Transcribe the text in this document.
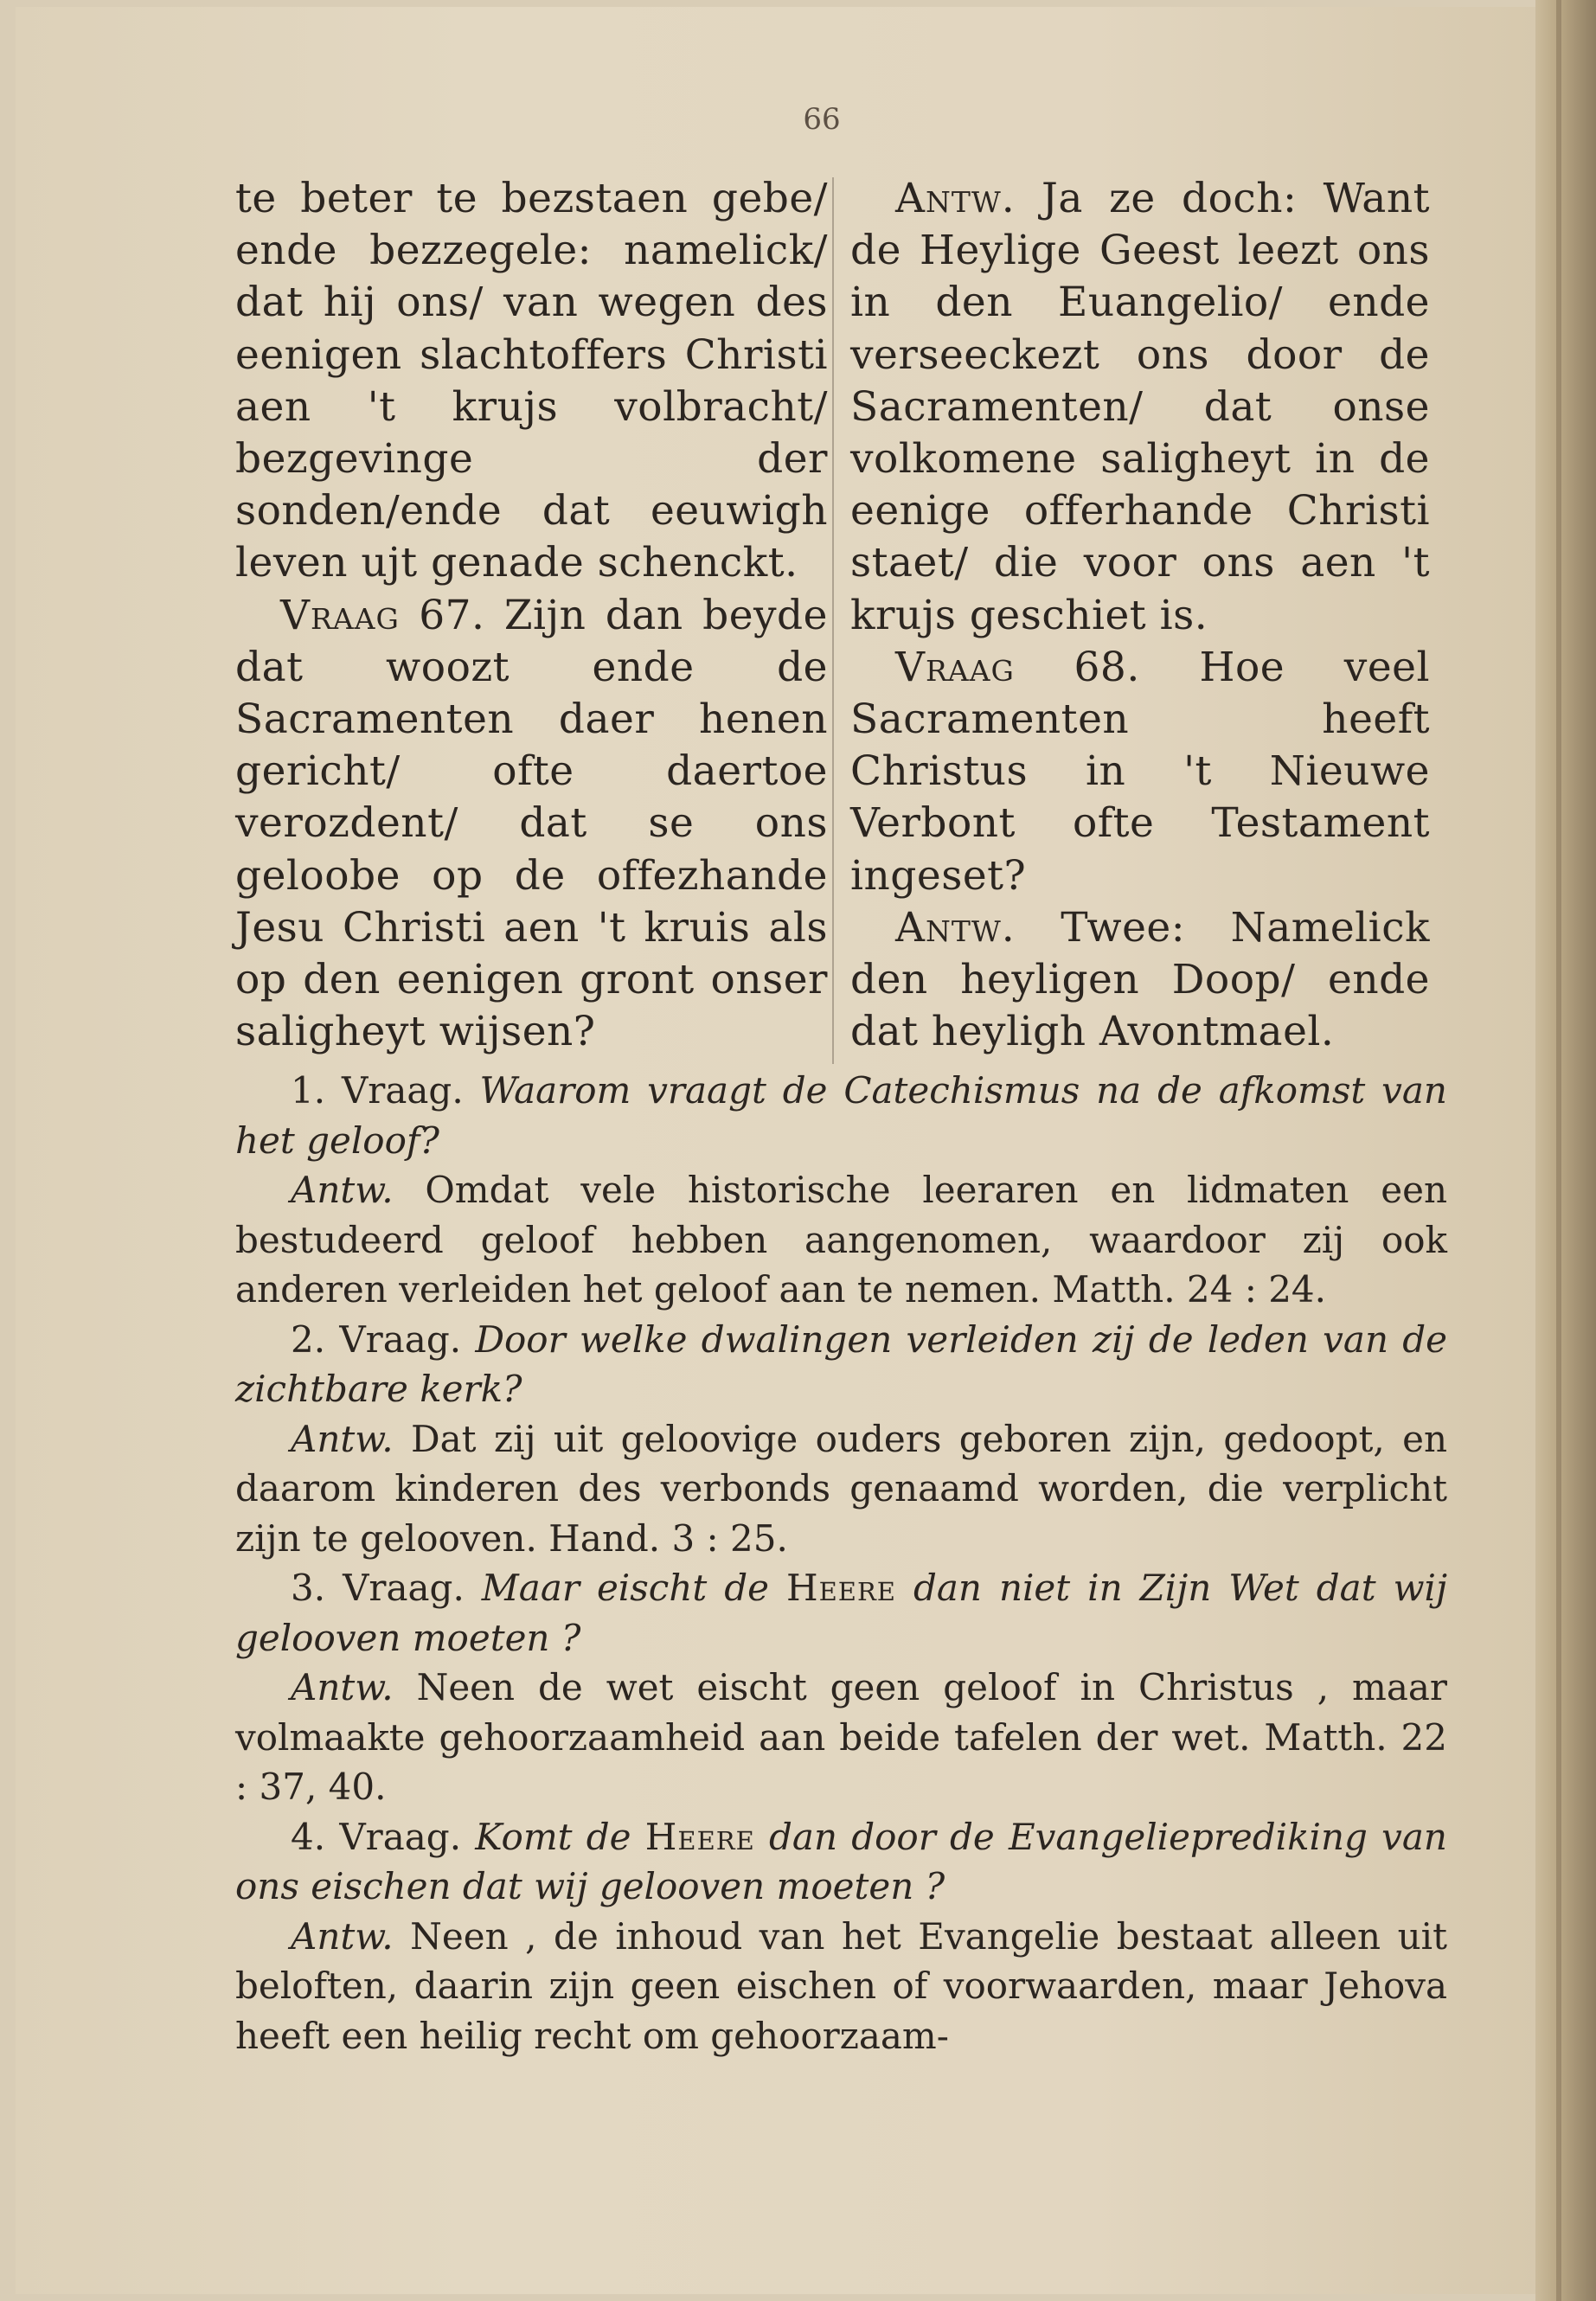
66

te beter te bezstaen gebe/ ende bezzegele: namelick/ dat hij ons/ van wegen des eenigen slachtoffers Christi aen 't krujs volbracht/ bezgevinge der sonden/ende dat eeuwigh leven ujt genade schenckt.

Vraag 67. Zijn dan beyde dat woozt ende de Sacramenten daer henen gericht/ ofte daertoe verozdent/ dat se ons geloobe op de offezhande Jesu Christi aen 't kruis als op den eenigen gront onser saligheyt wijsen?

Antw. Ja ze doch: Want de Heylige Geest leezt ons in den Euangelio/ ende verseeckezt ons door de Sacramenten/ dat onse volkomene saligheyt in de eenige offerhande Christi staet/ die voor ons aen 't krujs geschiet is.

Vraag 68. Hoe veel Sacramenten heeft Christus in 't Nieuwe Verbont ofte Testament ingeset?

Antw. Twee: Namelick den heyligen Doop/ ende dat heyligh Avontmael.

1. Vraag. Waarom vraagt de Catechismus na de afkomst van het geloof?

Antw. Omdat vele historische leeraren en lidmaten een bestudeerd geloof hebben aangenomen, waardoor zij ook anderen verleiden het geloof aan te nemen. Matth. 24 : 24.

2. Vraag. Door welke dwalingen verleiden zij de leden van de zichtbare kerk?

Antw. Dat zij uit geloovige ouders geboren zijn, gedoopt, en daarom kinderen des verbonds genaamd worden, die verplicht zijn te gelooven. Hand. 3 : 25.

3. Vraag. Maar eischt de Heere dan niet in Zijn Wet dat wij gelooven moeten ?

Antw. Neen de wet eischt geen geloof in Christus , maar volmaakte gehoorzaamheid aan beide tafelen der wet. Matth. 22 : 37, 40.

4. Vraag. Komt de Heere dan door de Evangelieprediking van ons eischen dat wij gelooven moeten ?

Antw. Neen , de inhoud van het Evangelie bestaat alleen uit beloften, daarin zijn geen eischen of voorwaarden, maar Jehova heeft een heilig recht om gehoorzaam-
